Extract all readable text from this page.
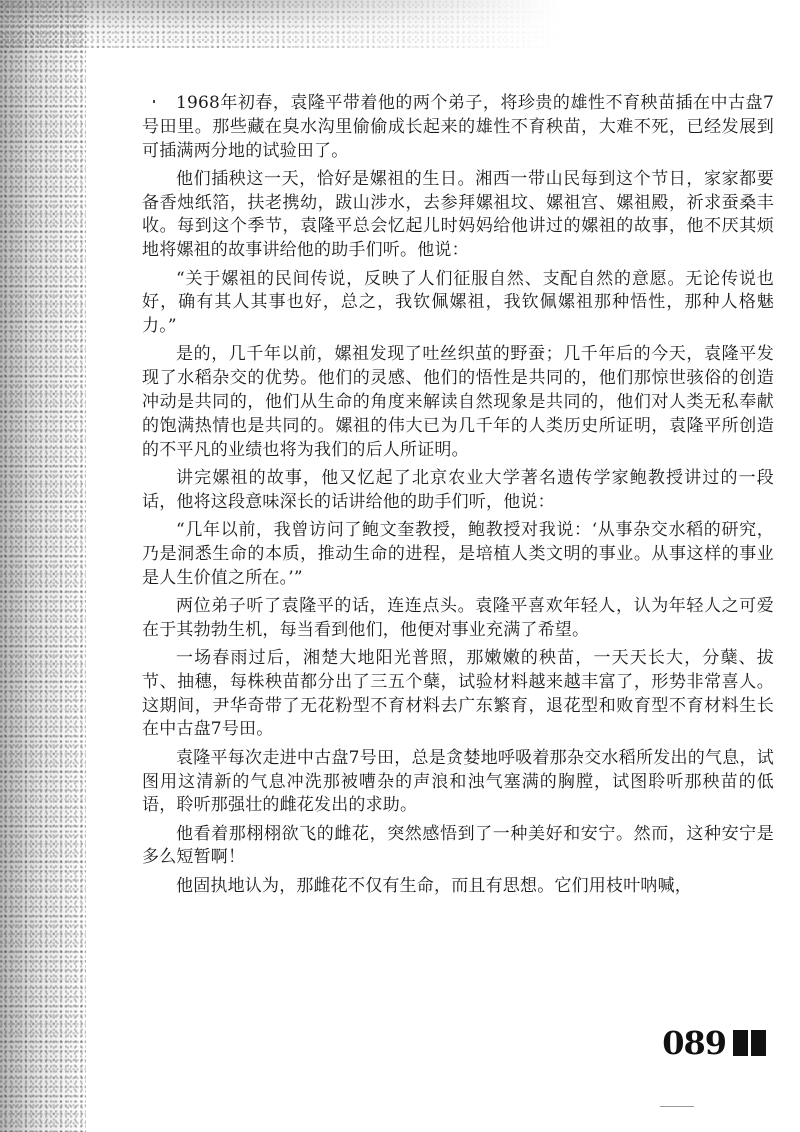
1968年初春，袁隆平带着他的两个弟子，将珍贵的雄性不育秧苗插在中古盘7号田里。那些藏在臭水沟里偷偷成长起来的雄性不育秧苗，大难不死，已经发展到可插满两分地的试验田了。

他们插秧这一天，恰好是嫘祖的生日。湘西一带山民每到这个节日，家家都要备香烛纸箔，扶老携幼，跋山涉水，去参拜嫘祖坟、嫘祖宫、嫘祖殿，祈求蚕桑丰收。每到这个季节，袁隆平总会忆起儿时妈妈给他讲过的嫘祖的故事，他不厌其烦地将嫘祖的故事讲给他的助手们听。他说：

“关于嫘祖的民间传说，反映了人们征服自然、支配自然的意愿。无论传说也好，确有其人其事也好，总之，我钦佩嫘祖，我钦佩嫘祖那种悟性，那种人格魅力。”

是的，几千年以前，嫘祖发现了吐丝织茧的野蚕；几千年后的今天，袁隆平发现了水稻杂交的优势。他们的灵感、他们的悟性是共同的，他们那惊世骇俗的创造冲动是共同的，他们从生命的角度来解读自然现象是共同的，他们对人类无私奉献的饱满热情也是共同的。嫘祖的伟大已为几千年的人类历史所证明，袁隆平所创造的不平凡的业绩也将为我们的后人所证明。

讲完嫘祖的故事，他又忆起了北京农业大学著名遗传学家鲍教授讲过的一段话，他将这段意味深长的话讲给他的助手们听，他说：

“几年以前，我曾访问了鲍文奎教授，鲍教授对我说：‘从事杂交水稻的研究，乃是洞悉生命的本质，推动生命的进程，是培植人类文明的事业。从事这样的事业是人生价值之所在。’”

两位弟子听了袁隆平的话，连连点头。袁隆平喜欢年轻人，认为年轻人之可爱在于其勃勃生机，每当看到他们，他便对事业充满了希望。

一场春雨过后，湘楚大地阳光普照，那嫩嫩的秧苗，一天天长大，分蘖、拔节、抽穗，每株秧苗都分出了三五个蘖，试验材料越来越丰富了，形势非常喜人。这期间，尹华奇带了无花粉型不育材料去广东繁育，退花型和败育型不育材料生长在中古盘7号田。

袁隆平每次走进中古盘7号田，总是贪婪地呼吸着那杂交水稻所发出的气息，试图用这清新的气息冲洗那被嘈杂的声浪和浊气塞满的胸膛，试图聆听那秧苗的低语，聆听那强壮的雌花发出的求助。

他看着那栩栩欲飞的雌花，突然感悟到了一种美好和安宁。然而，这种安宁是多么短暂啊！

他固执地认为，那雌花不仅有生命，而且有思想。它们用枝叶呐喊，

089
